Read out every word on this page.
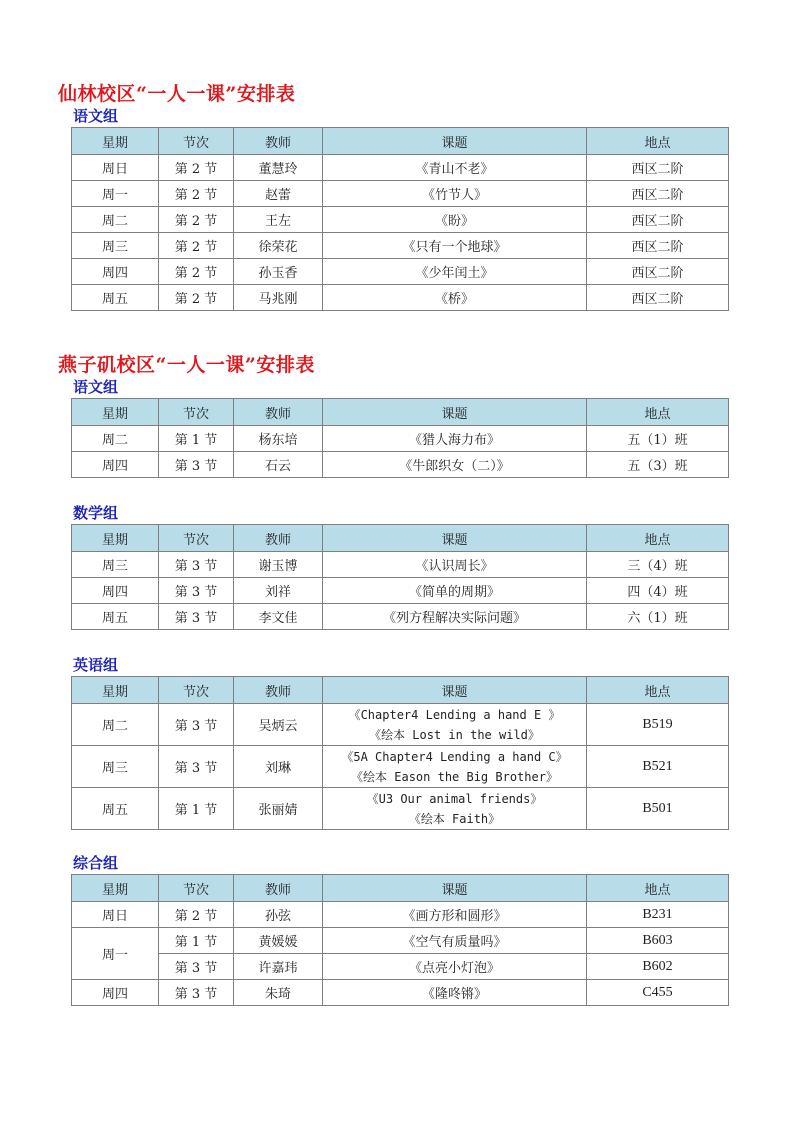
仙林校区“一人一课”安排表
语文组
星期	节次	教师	课题	地点
周日	第 2 节	董慧玲	《青山不老》	西区二阶
周一	第 2 节	赵蕾	《竹节人》	西区二阶
周二	第 2 节	王左	《盼》	西区二阶
周三	第 2 节	徐荣花	《只有一个地球》	西区二阶
周四	第 2 节	孙玉香	《少年闰土》	西区二阶
周五	第 2 节	马兆刚	《桥》	西区二阶
燕子矶校区“一人一课”安排表
语文组
星期	节次	教师	课题	地点
周二	第 1 节	杨东培	《猎人海力布》	五（1）班
周四	第 3 节	石云	《牛郎织女（二）》	五（3）班
数学组
星期	节次	教师	课题	地点
周三	第 3 节	谢玉博	《认识周长》	三（4）班
周四	第 3 节	刘祥	《简单的周期》	四（4）班
周五	第 3 节	李文佳	《列方程解决实际问题》	六（1）班
英语组
星期	节次	教师	课题	地点
周二	第 3 节	吴炳云	《Chapter4 Lending a hand E 》
《绘本 Lost in the wild》	B519
周三	第 3 节	刘琳	《5A Chapter4 Lending a hand C》
《绘本 Eason the Big Brother》	B521
周五	第 1 节	张丽婧	《U3 Our animal friends》
《绘本 Faith》	B501
综合组
星期	节次	教师	课题	地点
周日	第 2 节	孙弦	《画方形和圆形》	B231
周一	第 1 节	黄媛媛	《空气有质量吗》	B603
	第 3 节	许嘉玮	《点亮小灯泡》	B602
周四	第 3 节	朱琦	《隆咚锵》	C455
